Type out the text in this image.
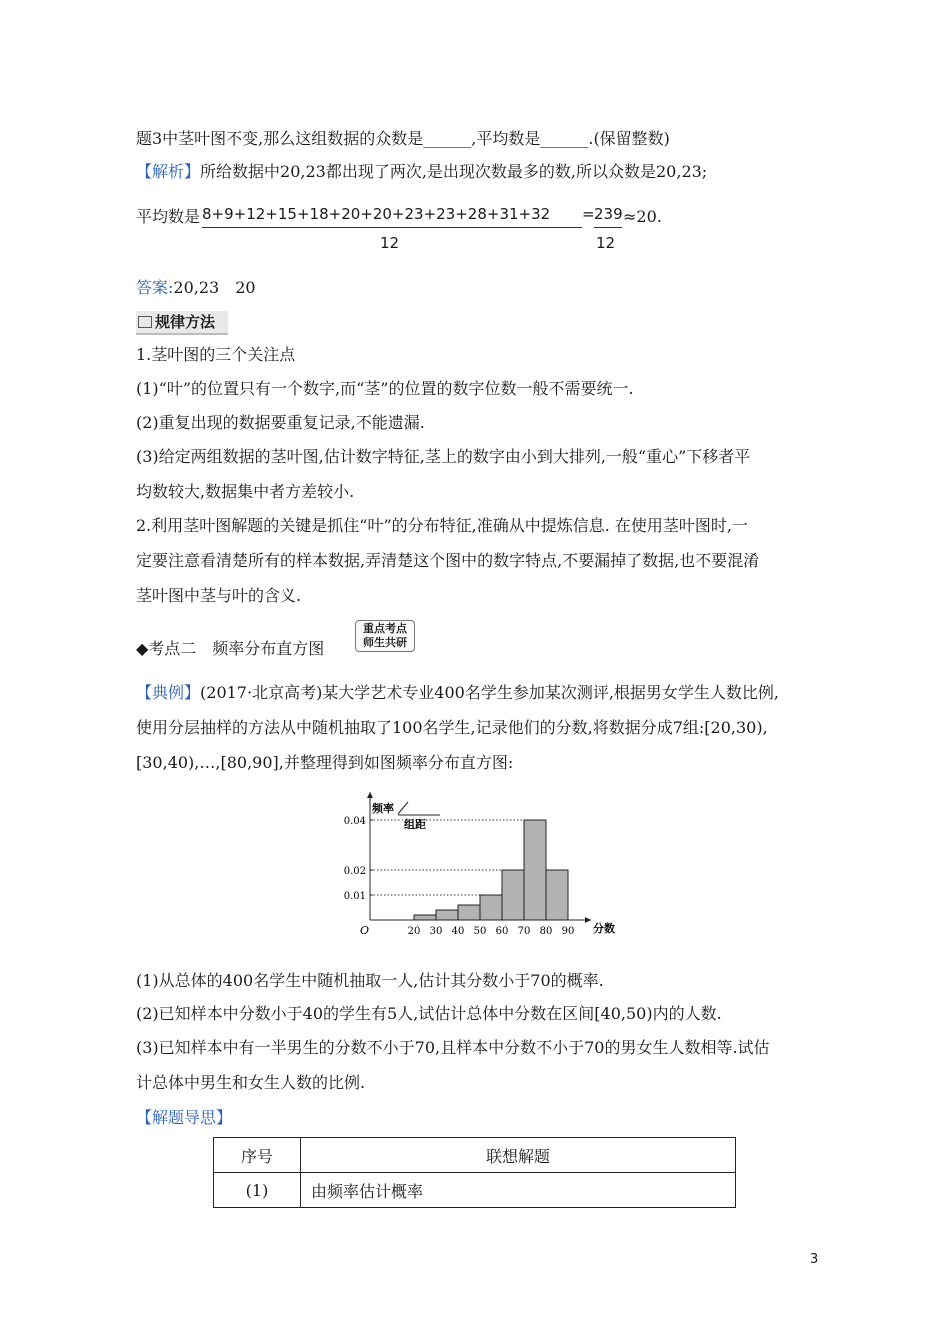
题3中茎叶图不变,那么这组数据的众数是______,平均数是______.(保留整数)
【解析】所给数据中20,23都出现了两次,是出现次数最多的数,所以众数是20,23;
平均数是 8+9+12+15+18+20+20+23+23+28+31+32
12
= 239
12
≈20.
答案:20,23　20
规律方法
1.茎叶图的三个关注点
(1)“叶”的位置只有一个数字,而“茎”的位置的数字位数一般不需要统一.
(2)重复出现的数据要重复记录,不能遗漏.
(3)给定两组数据的茎叶图,估计数字特征,茎上的数字由小到大排列,一般“重心”下移者平
均数较大,数据集中者方差较小.
2.利用茎叶图解题的关键是抓住“叶”的分布特征,准确从中提炼信息. 在使用茎叶图时,一
定要注意看清楚所有的样本数据,弄清楚这个图中的数字特点,不要漏掉了数据,也不要混淆
茎叶图中茎与叶的含义.
◆考点二　频率分布直方图
重点考点
师生共研
【典例】(2017·北京高考)某大学艺术专业400名学生参加某次测评,根据男女学生人数比例,
使用分层抽样的方法从中随机抽取了100名学生,记录他们的分数,将数据分成7组:[20,30),
[30,40),…,[80,90],并整理得到如图频率分布直方图:
0.04
0.02
0.01
20 30 40 50 60 70 80 90
O	分数
频率
组距
(1)从总体的400名学生中随机抽取一人,估计其分数小于70的概率.
(2)已知样本中分数小于40的学生有5人,试估计总体中分数在区间[40,50)内的人数.
(3)已知样本中有一半男生的分数不小于70,且样本中分数不小于70的男女生人数相等.试估
计总体中男生和女生人数的比例.
【解题导思】
序号	联想解题
(1)	由频率估计概率
3
